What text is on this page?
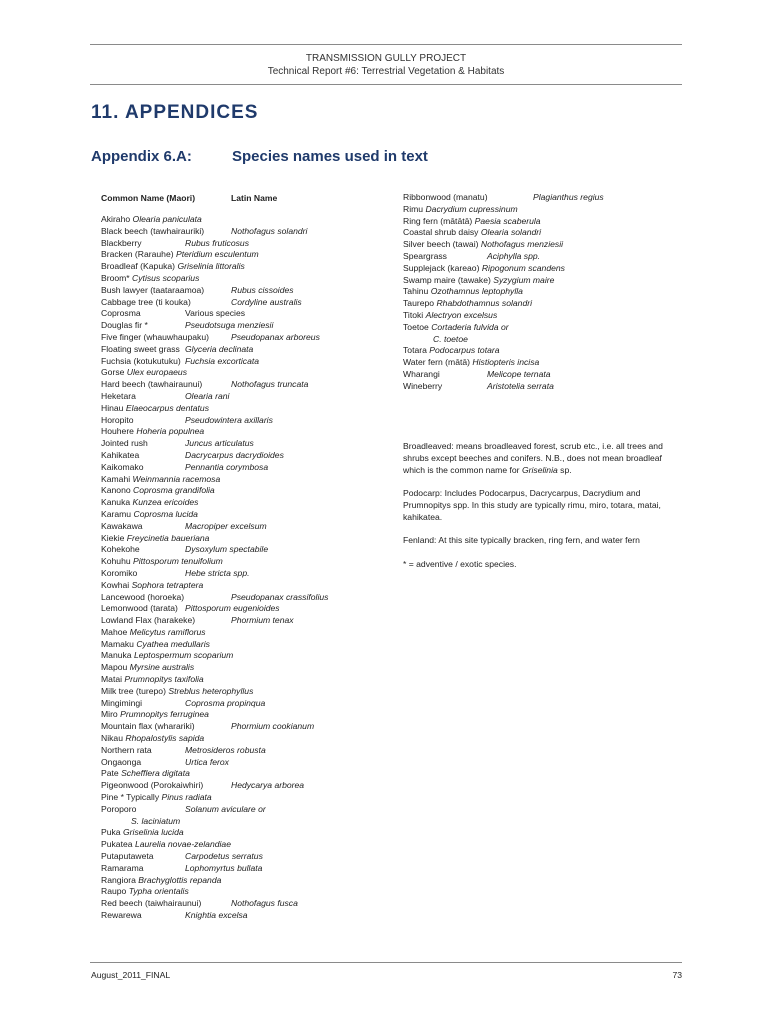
TRANSMISSION GULLY PROJECT
Technical Report #6: Terrestrial Vegetation & Habitats
11. APPENDICES
Appendix 6.A:	Species names used in text
Common Name (Maori)	Latin Name
Akiraho Olearia paniculata
Black beech (tawhairauriki)	Nothofagus solandri
Blackberry	Rubus fruticosus
Bracken (Rarauhe) Pteridium esculentum
Broadleaf (Kapuka) Griselinia littoralis
Broom* Cytisus scoparius
Bush lawyer (taataraamoa)	Rubus cissoides
Cabbage tree (ti kouka)	Cordyline australis
Coprosma	Various species
Douglas fir *	Pseudotsuga menziesii
Five finger (whauwhaupaku)	Pseudopanax arboreus
Floating sweet grass Glyceria declinata
Fuchsia (kotukutuku) Fuchsia excorticata
Gorse Ulex europaeus
Hard beech (tawhairaunui)	Nothofagus truncata
Heketara	Olearia rani
Hinau Elaeocarpus dentatus
Horopito	Pseudowintera axillaris
Houhere Hoheria populnea
Jointed rush	Juncus articulatus
Kahikatea	Dacrycarpus dacrydioides
Kaikomako	Pennantia corymbosa
Kamahi Weinmannia racemosa
Kanono Coprosma grandifolia
Kanuka Kunzea ericoides
Karamu Coprosma lucida
Kawakawa	Macropiper excelsum
Kiekie Freycinetia baueriana
Kohekohe	Dysoxylum spectabile
Kohuhu Pittosporum tenuifolium
Koromiko	Hebe stricta spp.
Kowhai Sophora tetraptera
Lancewood (horoeka)	Pseudopanax crassifolius
Lemonwood (tarata) Pittosporum eugenioides
Lowland Flax (harakeke)	Phormium tenax
Mahoe Melicytus ramiflorus
Mamaku Cyathea medullaris
Manuka Leptospermum scoparium
Mapou Myrsine australis
Matai Prumnopitys taxifolia
Milk tree (turepo) Streblus heterophyllus
Mingimingi	Coprosma propinqua
Miro Prumnopitys ferruginea
Mountain flax (wharariki)	Phormium cookianum
Nikau Rhopalostylis sapida
Northern rata	Metrosideros robusta
Ongaonga	Urtica ferox
Pate Schefflera digitata
Pigeonwood (Porokaiwhiri)	Hedycarya arborea
Pine * Typically Pinus radiata
Poroporo	Solanum aviculare or
S. laciniatum
Puka Griselinia lucida
Pukatea Laurelia novae-zelandiae
Putaputaweta	Carpodetus serratus
Ramarama	Lophomyrtus bullata
Rangiora Brachyglottis repanda
Raupo Typha orientalis
Red beech (taiwhairaunui)	Nothofagus fusca
Rewarewa	Knightia excelsa
Ribbonwood (manatu)	Plagianthus regius
Rimu Dacrydium cupressinum
Ring fern (mātātā) Paesia scaberula
Coastal shrub daisy Olearia solandri
Silver beech (tawai) Nothofagus menziesii
Speargrass	Aciphylla spp.
Supplejack (kareao) Ripogonum scandens
Swamp maire (tawake) Syzygium maire
Tahinu Ozothamnus leptophylla
Taurepo Rhabdothamnus solandri
Titoki Alectryon excelsus
Toetoe Cortaderia fulvida or
C. toetoe
Totara Podocarpus totara
Water fern (mātā) Histiopteris incisa
Wharangi	Melicope ternata
Wineberry	Aristotelia serrata

Broadleaved: means broadleaved forest, scrub etc., i.e. all trees and shrubs except beeches and conifers. N.B., does not mean broadleaf which is the common name for Griselinia sp.

Podocarp: Includes Podocarpus, Dacrycarpus, Dacrydium and Prumnopitys spp. In this study are typically rimu, miro, totara, matai, kahikatea.

Fenland: At this site typically bracken, ring fern, and water fern

* = adventive / exotic species.

August_2011_FINAL	73
